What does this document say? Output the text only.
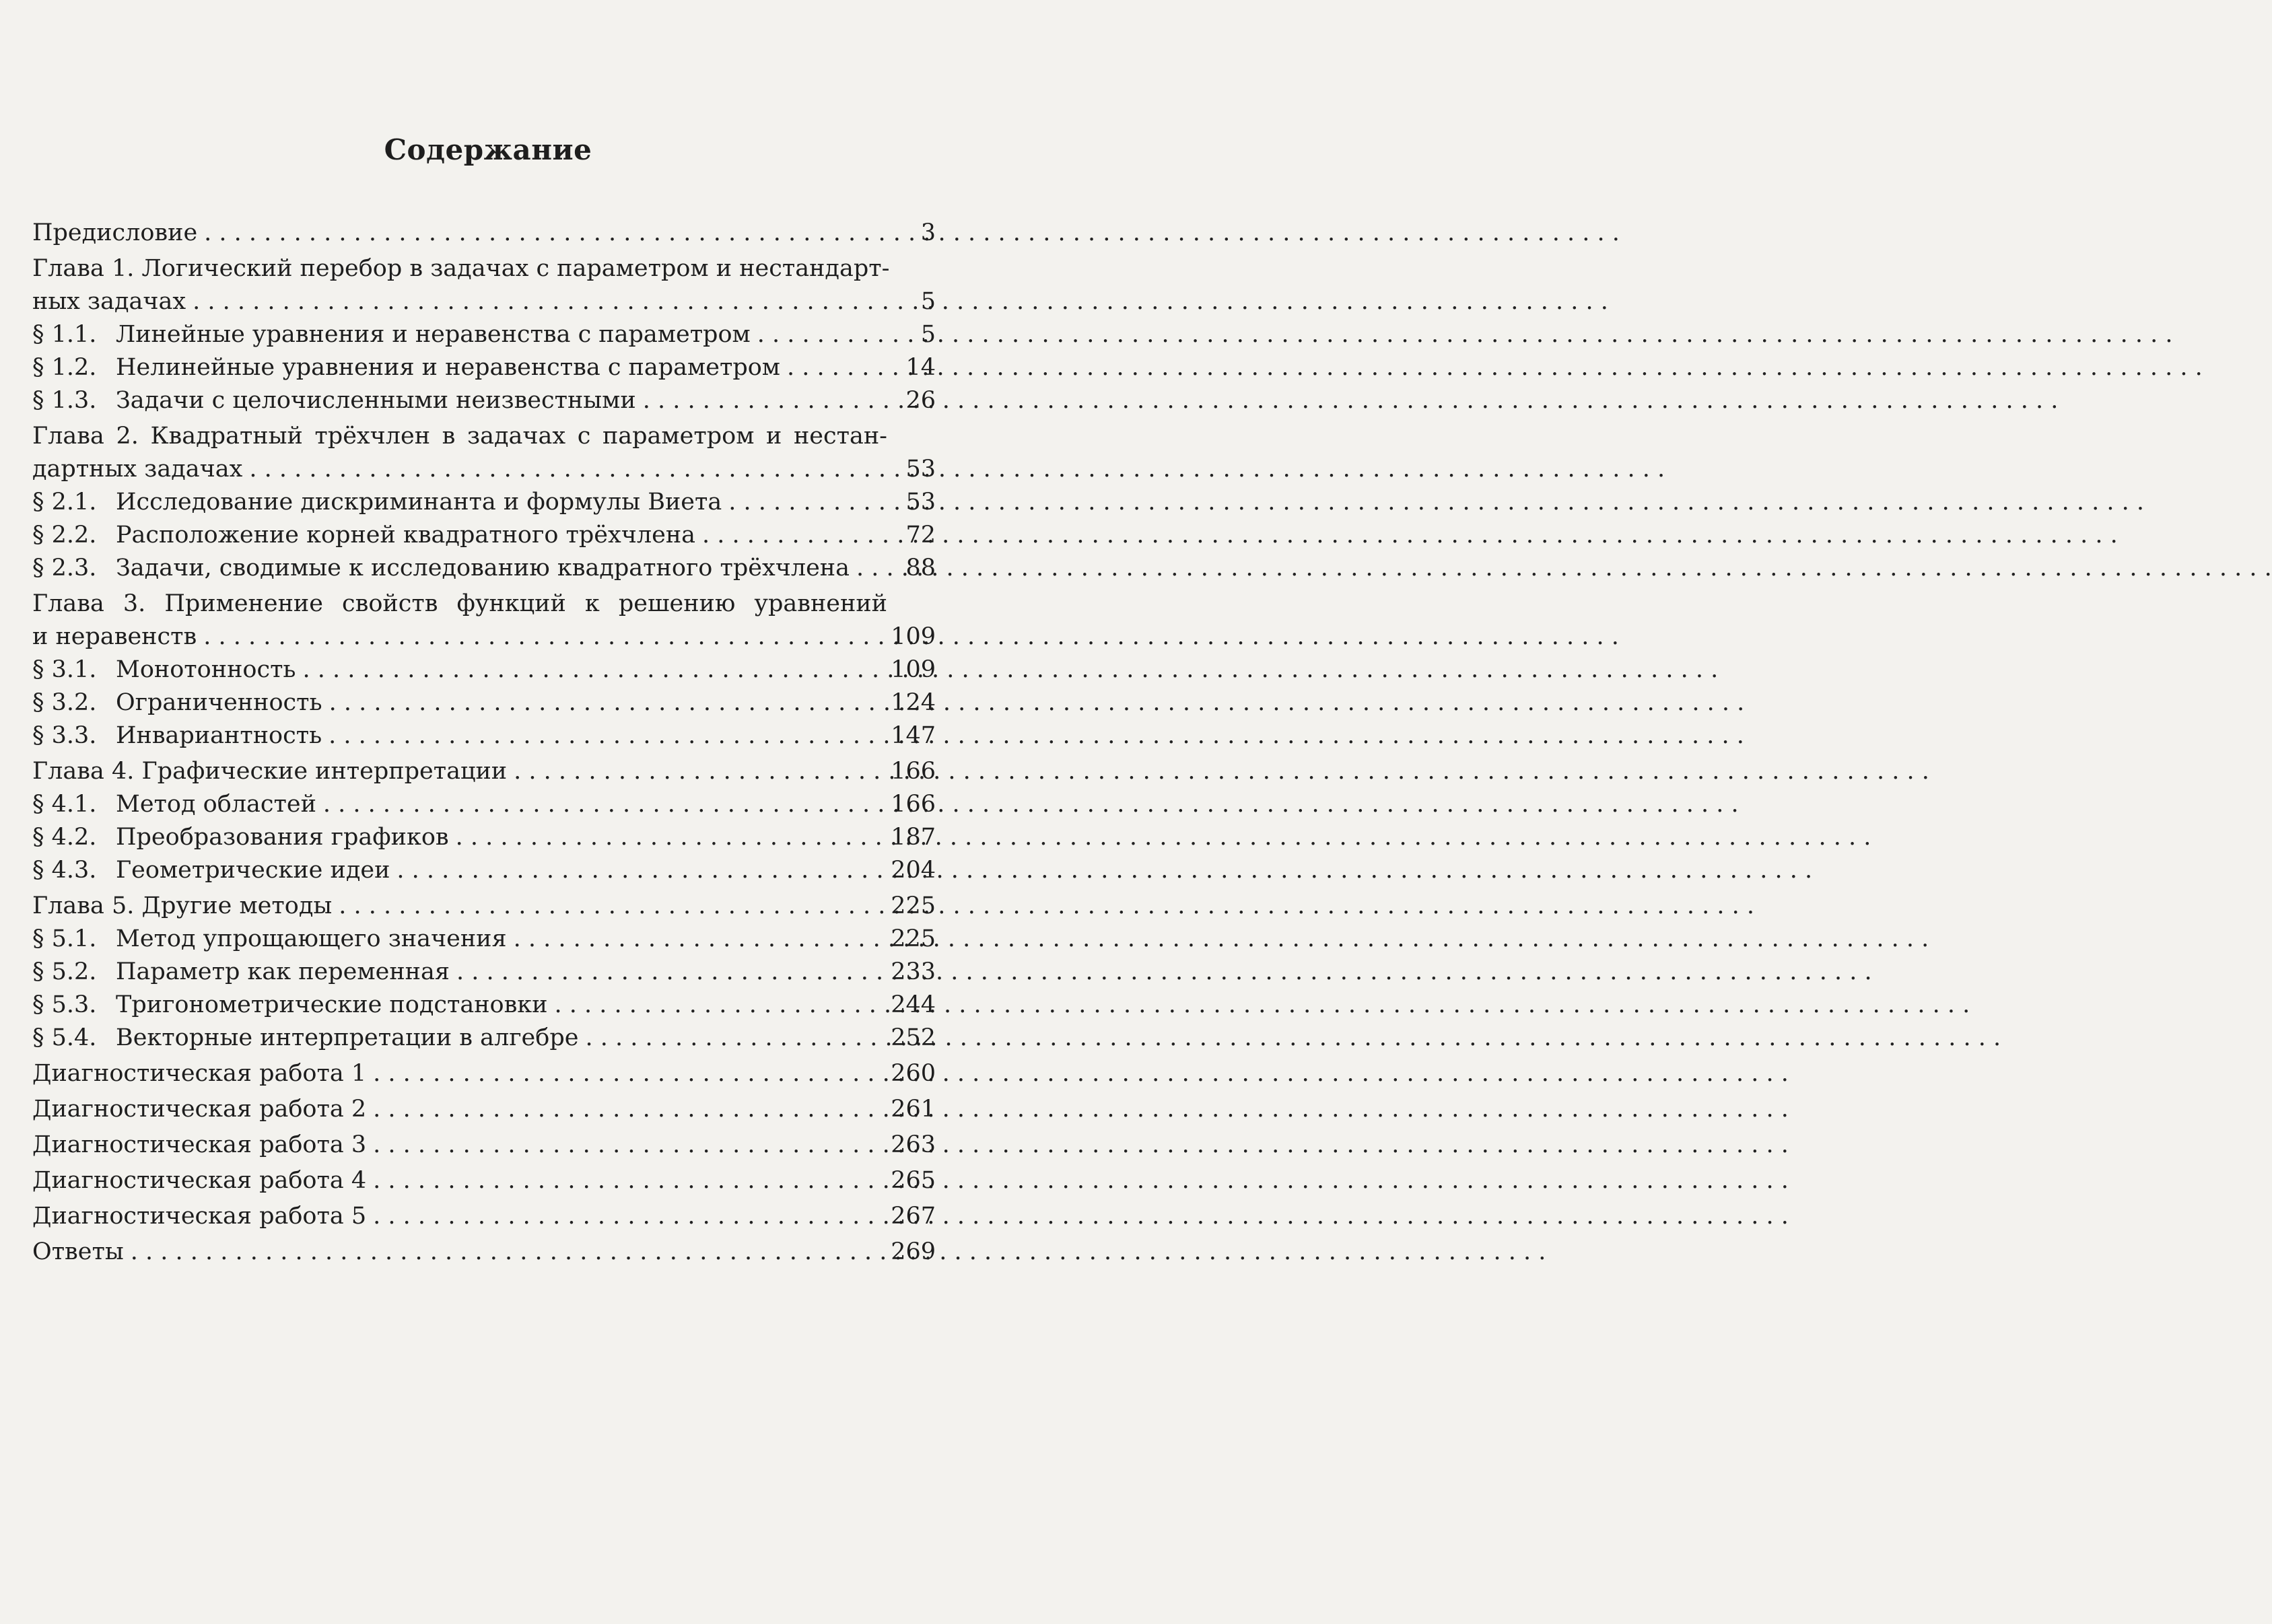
Содержание
Предисловие . . .	3
Глава 1. Логический перебор в задачах с параметром и нестандарт-
ных задачах . . .	5
§ 1.1. Линейные уравнения и неравенства с параметром . . .	5
§ 1.2. Нелинейные уравнения и неравенства с параметром . . .	14
§ 1.3. Задачи с целочисленными неизвестными . . .	26
Глава 2. Квадратный трёхчлен в задачах с параметром и нестан-
дартных задачах . . .	53
§ 2.1. Исследование дискриминанта и формулы Виета . . .	53
§ 2.2. Расположение корней квадратного трёхчлена . . .	72
§ 2.3. Задачи, сводимые к исследованию квадратного трёхчлена . . .	88
Глава 3. Применение свойств функций к решению уравнений
и неравенств . . .	109
§ 3.1. Монотонность . . .	109
§ 3.2. Ограниченность . . .	124
§ 3.3. Инвариантность . . .	147
Глава 4. Графические интерпретации . . .	166
§ 4.1. Метод областей . . .	166
§ 4.2. Преобразования графиков . . .	187
§ 4.3. Геометрические идеи . . .	204
Глава 5. Другие методы . . .	225
§ 5.1. Метод упрощающего значения . . .	225
§ 5.2. Параметр как переменная . . .	233
§ 5.3. Тригонометрические подстановки . . .	244
§ 5.4. Векторные интерпретации в алгебре . . .	252
Диагностическая работа 1 . . .	260
Диагностическая работа 2 . . .	261
Диагностическая работа 3 . . .	263
Диагностическая работа 4 . . .	265
Диагностическая работа 5 . . .	267
Ответы . . .	269
